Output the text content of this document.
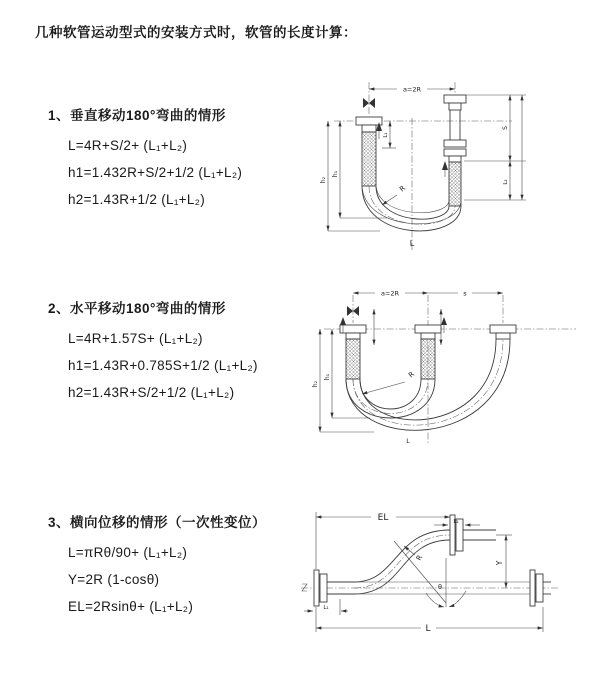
几种软管运动型式的安装方式时，软管的长度计算：
1、垂直移动180°弯曲的情形
L=4R+S/2+ (L₁+L₂)
h1=1.432R+S/2+1/2 (L₁+L₂)
h2=1.43R+1/2 (L₁+L₂)
2、水平移动180°弯曲的情形
L=4R+1.57S+ (L₁+L₂)
h1=1.43R+0.785S+1/2 (L₁+L₂)
h2=1.43R+S/2+1/2 (L₁+L₂)
3、横向位移的情形（一次性变位）
L=πRθ/90+ (L₁+L₂)
Y=2R (1-cosθ)
EL=2Rsinθ+ (L₁+L₂)
a=2R
h₂
h₁
L₁
S
L₂
R
L
a=2R	s
h₂
h₁	R
L
θ
R
EL	L₂
Y
L₁
L
